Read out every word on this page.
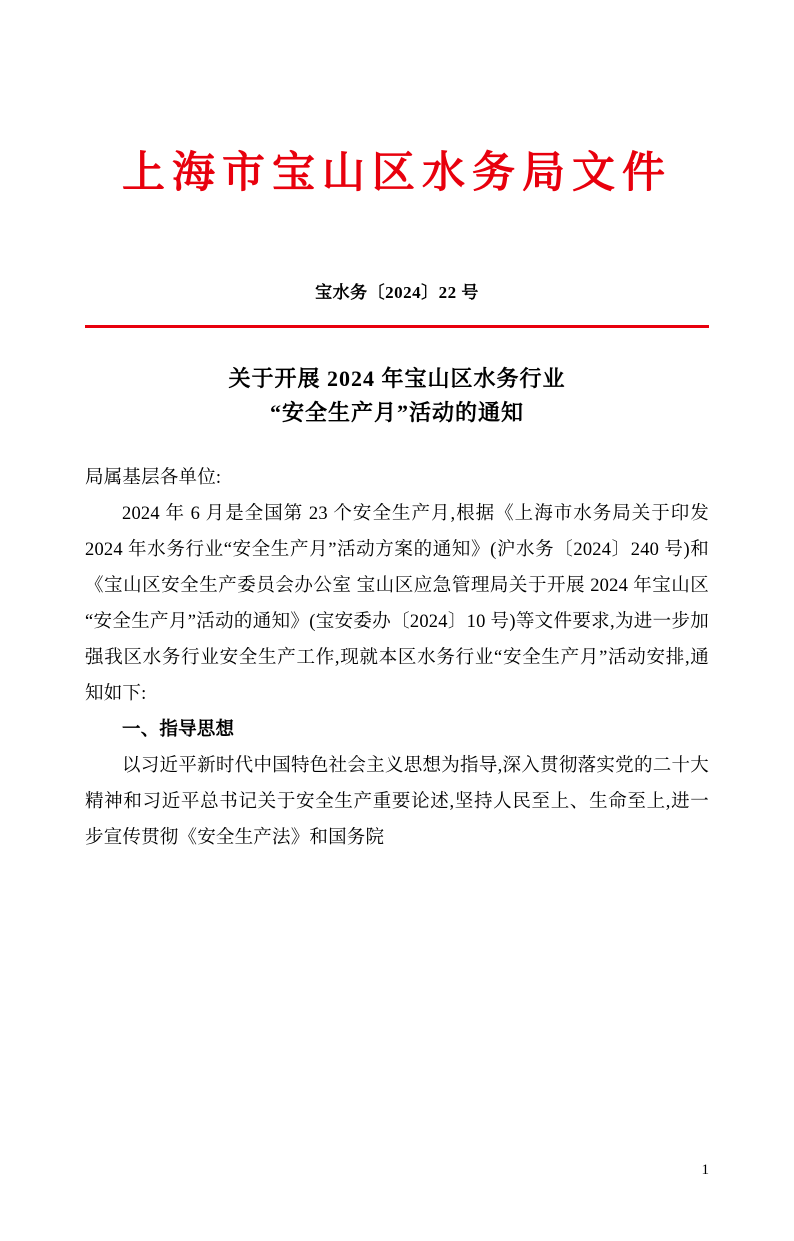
上海市宝山区水务局文件
宝水务〔2024〕22 号
关于开展 2024 年宝山区水务行业
“安全生产月”活动的通知

局属基层各单位:

2024 年 6 月是全国第 23 个安全生产月,根据《上海市水务局关于印发 2024 年水务行业“安全生产月”活动方案的通知》(沪水务〔2024〕240 号)和《宝山区安全生产委员会办公室 宝山区应急管理局关于开展 2024 年宝山区“安全生产月”活动的通知》(宝安委办〔2024〕10 号)等文件要求,为进一步加强我区水务行业安全生产工作,现就本区水务行业“安全生产月”活动安排,通知如下:

一、指导思想

以习近平新时代中国特色社会主义思想为指导,深入贯彻落实党的二十大精神和习近平总书记关于安全生产重要论述,坚持人民至上、生命至上,进一步宣传贯彻《安全生产法》和国务院

1
